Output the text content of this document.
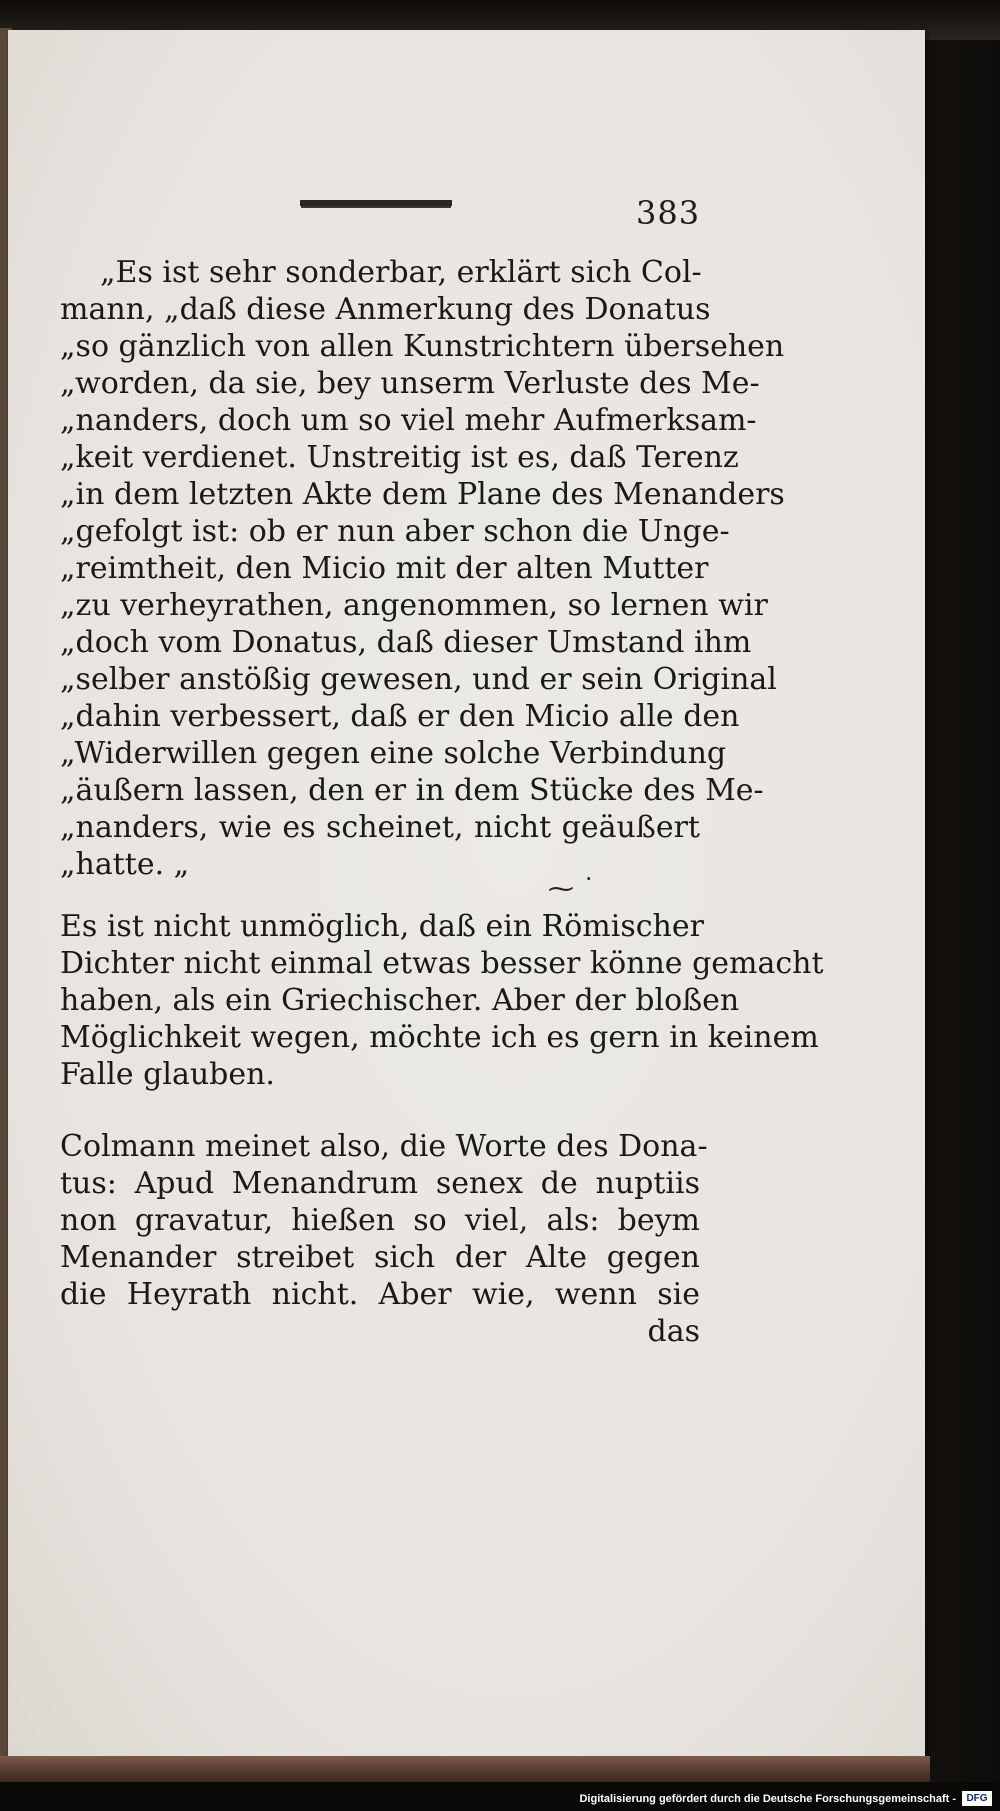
383
„Es ist sehr sonderbar, erklärt sich Col-
mann, „daß diese Anmerkung des Donatus
„so gänzlich von allen Kunstrichtern übersehen
„worden, da sie, bey unserm Verluste des Me-
„nanders, doch um so viel mehr Aufmerksam-
„keit verdienet. Unstreitig ist es, daß Terenz
„in dem letzten Akte dem Plane des Menanders
„gefolgt ist: ob er nun aber schon die Unge-
„reimtheit, den Micio mit der alten Mutter
„zu verheyrathen, angenommen, so lernen wir
„doch vom Donatus, daß dieser Umstand ihm
„selber anstößig gewesen, und er sein Original
„dahin verbessert, daß er den Micio alle den
„Widerwillen gegen eine solche Verbindung
„äußern lassen, den er in dem Stücke des Me-
„nanders, wie es scheinet, nicht geäußert
„hatte. „
⁓ ˙
Es ist nicht unmöglich, daß ein Römischer
Dichter nicht einmal etwas besser könne gemacht
haben, als ein Griechischer. Aber der bloßen
Möglichkeit wegen, möchte ich es gern in keinem
Falle glauben.
Colmann meinet also, die Worte des Dona-
tus: Apud Menandrum senex de nuptiis
non gravatur, hießen so viel, als: beym
Menander streibet sich der Alte gegen
die Heyrath nicht. Aber wie, wenn sie
das
Digitalisierung gefördert durch die Deutsche Forschungsgemeinschaft -	DFG
